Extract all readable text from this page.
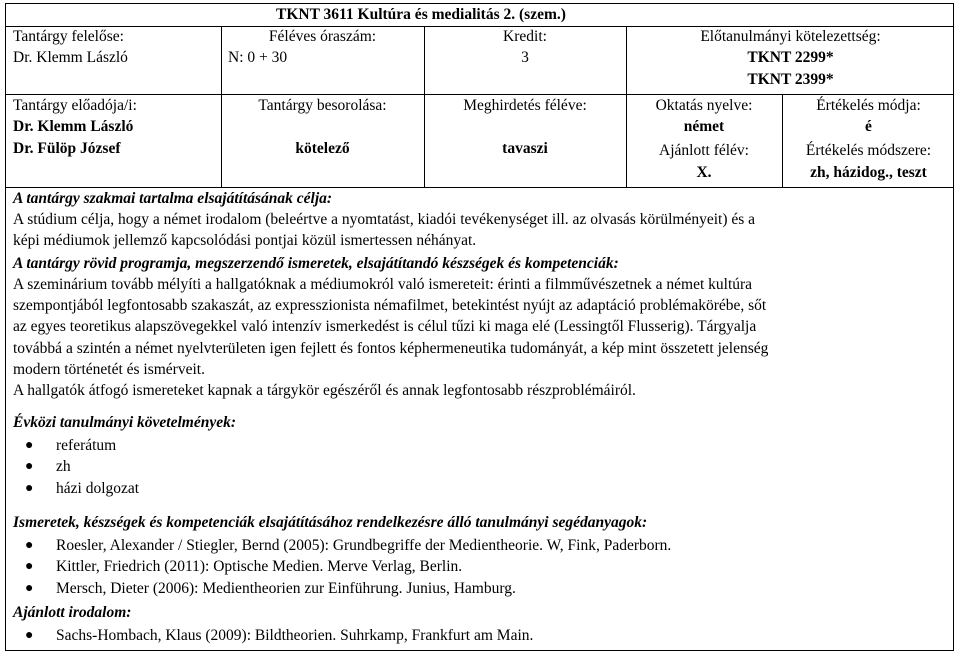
TKNT 3611 Kultúra és medialitás 2. (szem.)
Tantárgy felelőse:
Dr. Klemm László
Féléves óraszám:
N: 0 + 30
Kredit:
3
Előtanulmányi kötelezettség:
TKNT 2299*
TKNT 2399*
Tantárgy előadója/i:
Dr. Klemm László
Dr. Fülöp József
Tantárgy besorolása:
kötelező
Meghirdetés féléve:
tavaszi
Oktatás nyelve:
német
Ajánlott félév:
X.
Értékelés módja:
é
Értékelés módszere:
zh, házidog., teszt
A tantárgy szakmai tartalma elsajátításának célja:
A stúdium célja, hogy a német irodalom (beleértve a nyomtatást, kiadói tevékenységet ill. az olvasás körülményeit) és a
képi médiumok jellemző kapcsolódási pontjai közül ismertessen néhányat.
A tantárgy rövid programja, megszerzendő ismeretek, elsajátítandó készségek és kompetenciák:
A szeminárium tovább mélyíti a hallgatóknak a médiumokról való ismereteit: érinti a filmművészetnek a német kultúra
szempontjából legfontosabb szakaszát, az expresszionista némafilmet, betekintést nyújt az adaptáció problémakörébe, sőt
az egyes teoretikus alapszövegekkel való intenzív ismerkedést is célul tűzi ki maga elé (Lessingtől Flusserig). Tárgyalja
továbbá a szintén a német nyelvterületen igen fejlett és fontos képhermeneutika tudományát, a kép mint összetett jelenség
modern történetét és ismérveit.
A hallgatók átfogó ismereteket kapnak a tárgykör egészéről és annak legfontosabb részproblémáiról.
Évközi tanulmányi követelmények:
● referátum
● zh
● házi dolgozat
Ismeretek, készségek és kompetenciák elsajátításához rendelkezésre álló tanulmányi segédanyagok:
● Roesler, Alexander / Stiegler, Bernd (2005): Grundbegriffe der Medientheorie. W, Fink, Paderborn.
● Kittler, Friedrich (2011): Optische Medien. Merve Verlag, Berlin.
● Mersch, Dieter (2006): Medientheorien zur Einführung. Junius, Hamburg.
Ajánlott irodalom:
● Sachs-Hombach, Klaus (2009): Bildtheorien. Suhrkamp, Frankfurt am Main.
